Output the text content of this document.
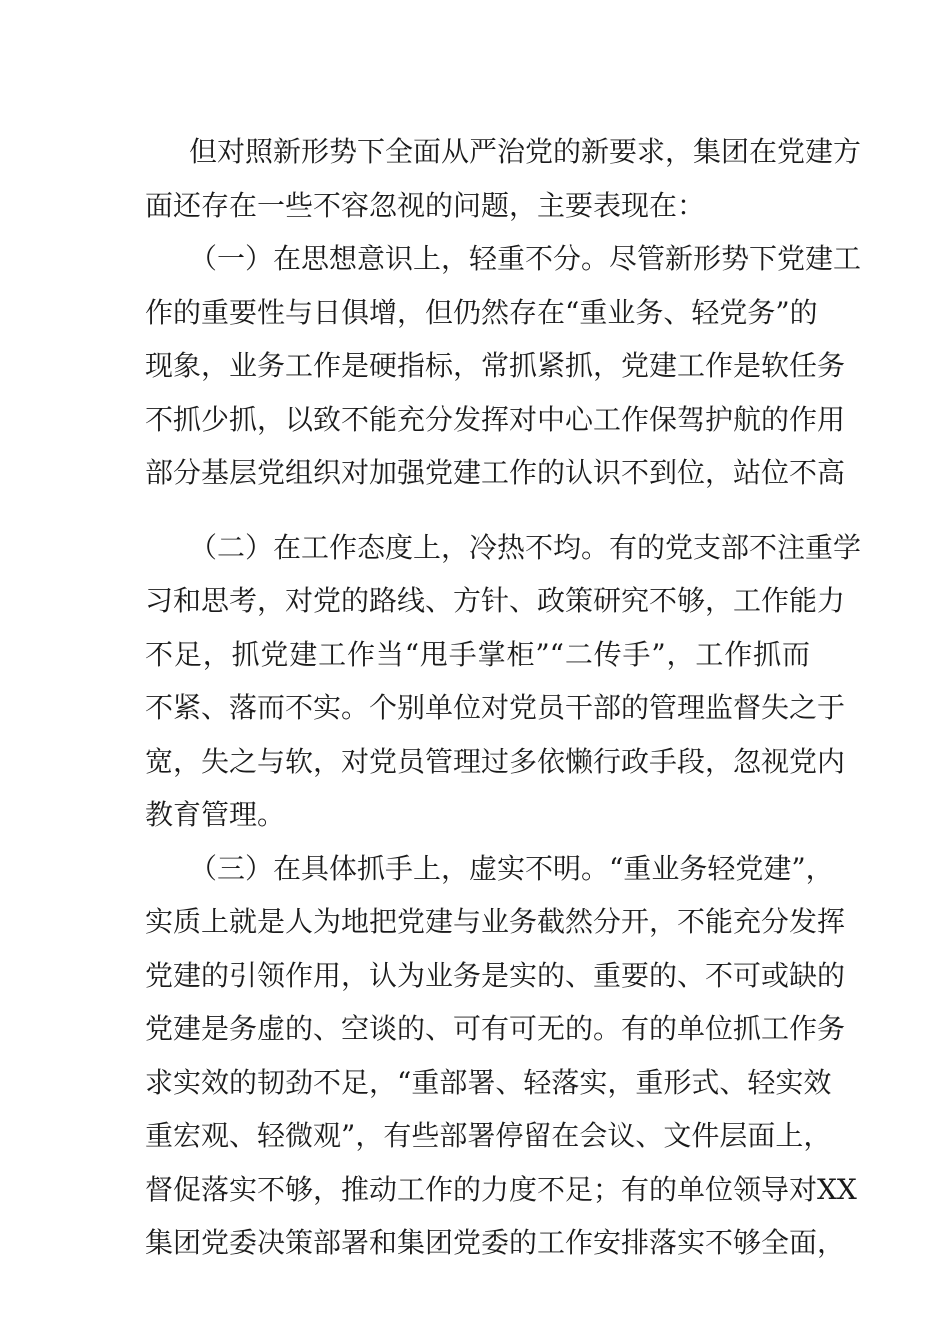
但对照新形势下全面从严治党的新要求，集团在党建方
面还存在一些不容忽视的问题，主要表现在：
（一）在思想意识上，轻重不分。尽管新形势下党建工
作的重要性与日俱增，但仍然存在“重业务、轻党务”的
现象，业务工作是硬指标，常抓紧抓，党建工作是软任务
不抓少抓，以致不能充分发挥对中心工作保驾护航的作用
部分基层党组织对加强党建工作的认识不到位，站位不高
（二）在工作态度上，冷热不均。有的党支部不注重学
习和思考，对党的路线、方针、政策研究不够，工作能力
不足，抓党建工作当“甩手掌柜”“二传手”，工作抓而
不紧、落而不实。个别单位对党员干部的管理监督失之于
宽，失之与软，对党员管理过多依懒行政手段，忽视党内
教育管理。
（三）在具体抓手上，虚实不明。“重业务轻党建”，
实质上就是人为地把党建与业务截然分开，不能充分发挥
党建的引领作用，认为业务是实的、重要的、不可或缺的
党建是务虚的、空谈的、可有可无的。有的单位抓工作务
求实效的韧劲不足，“重部署、轻落实，重形式、轻实效
重宏观、轻微观”，有些部署停留在会议、文件层面上，
督促落实不够，推动工作的力度不足；有的单位领导对XX
集团党委决策部署和集团党委的工作安排落实不够全面，
